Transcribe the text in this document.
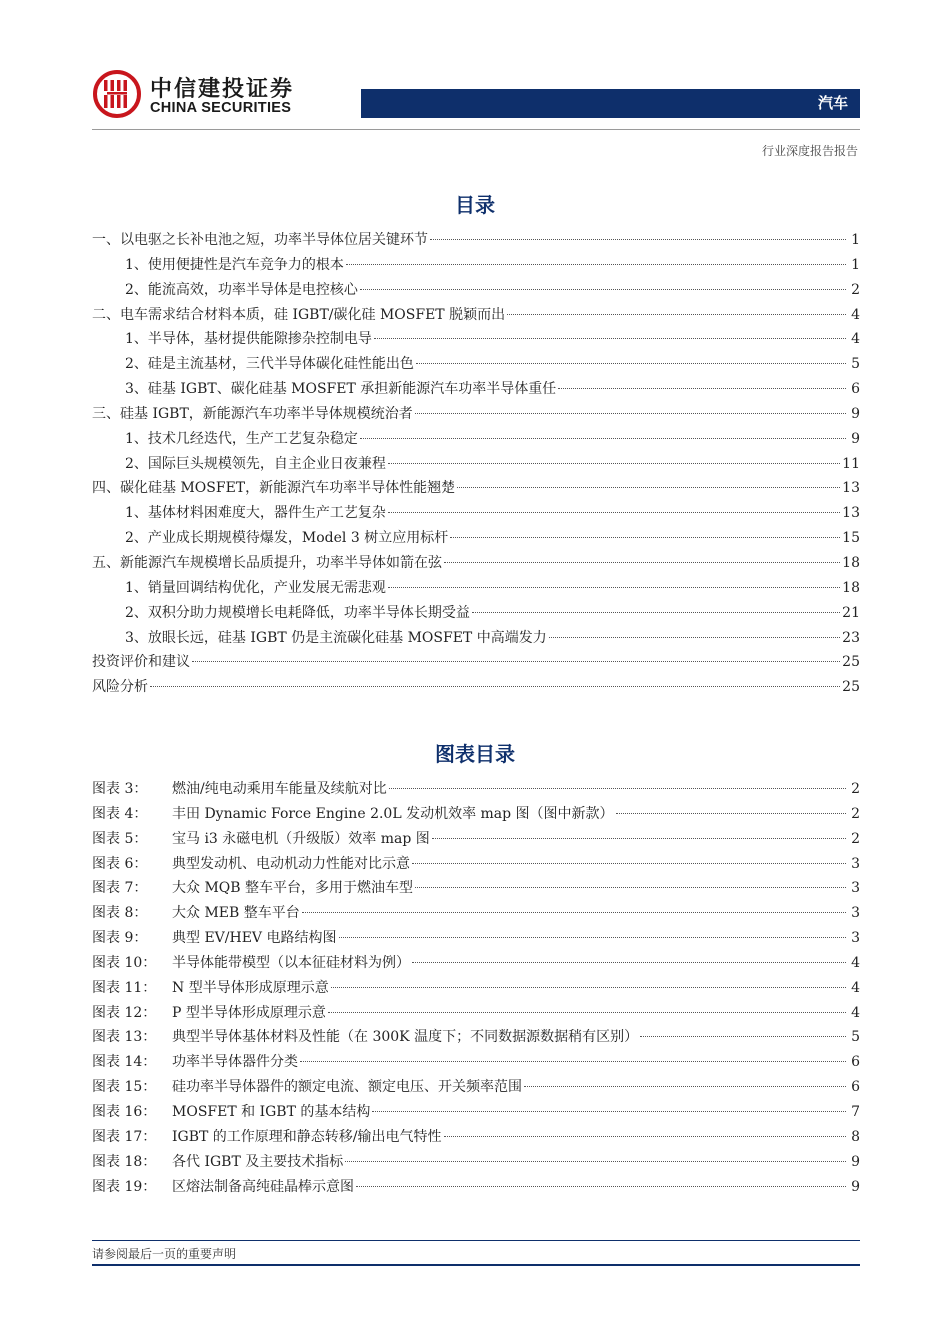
中信建投证券
CHINA SECURITIES	汽车
行业深度报告报告
目录
一、以电驱之长补电池之短，功率半导体位居关键环节	1
1、使用便捷性是汽车竞争力的根本	1
2、能流高效，功率半导体是电控核心	2
二、电车需求结合材料本质，硅 IGBT/碳化硅 MOSFET 脱颖而出	4
1、半导体，基材提供能隙掺杂控制电导	4
2、硅是主流基材，三代半导体碳化硅性能出色	5
3、硅基 IGBT、碳化硅基 MOSFET 承担新能源汽车功率半导体重任	6
三、硅基 IGBT，新能源汽车功率半导体规模统治者	9
1、技术几经迭代，生产工艺复杂稳定	9
2、国际巨头规模领先，自主企业日夜兼程	11
四、碳化硅基 MOSFET，新能源汽车功率半导体性能翘楚	13
1、基体材料困难度大，器件生产工艺复杂	13
2、产业成长期规模待爆发，Model 3 树立应用标杆	15
五、新能源汽车规模增长品质提升，功率半导体如箭在弦	18
1、销量回调结构优化，产业发展无需悲观	18
2、双积分助力规模增长电耗降低，功率半导体长期受益	21
3、放眼长远，硅基 IGBT 仍是主流碳化硅基 MOSFET 中高端发力	23
投资评价和建议	25
风险分析	25
图表目录
图表 3：	燃油/纯电动乘用车能量及续航对比	2
图表 4：	丰田 Dynamic Force Engine 2.0L 发动机效率 map 图（图中新款）	2
图表 5：	宝马 i3 永磁电机（升级版）效率 map 图	2
图表 6：	典型发动机、电动机动力性能对比示意	3
图表 7：	大众 MQB 整车平台，多用于燃油车型	3
图表 8：	大众 MEB 整车平台	3
图表 9：	典型 EV/HEV 电路结构图	3
图表 10：	半导体能带模型（以本征硅材料为例）	4
图表 11：	N 型半导体形成原理示意	4
图表 12：	P 型半导体形成原理示意	4
图表 13：	典型半导体基体材料及性能（在 300K 温度下；不同数据源数据稍有区别）	5
图表 14：	功率半导体器件分类	6
图表 15：	硅功率半导体器件的额定电流、额定电压、开关频率范围	6
图表 16：	MOSFET 和 IGBT 的基本结构	7
图表 17：	IGBT 的工作原理和静态转移/输出电气特性	8
图表 18：	各代 IGBT 及主要技术指标	9
图表 19：	区熔法制备高纯硅晶棒示意图	9
请参阅最后一页的重要声明
